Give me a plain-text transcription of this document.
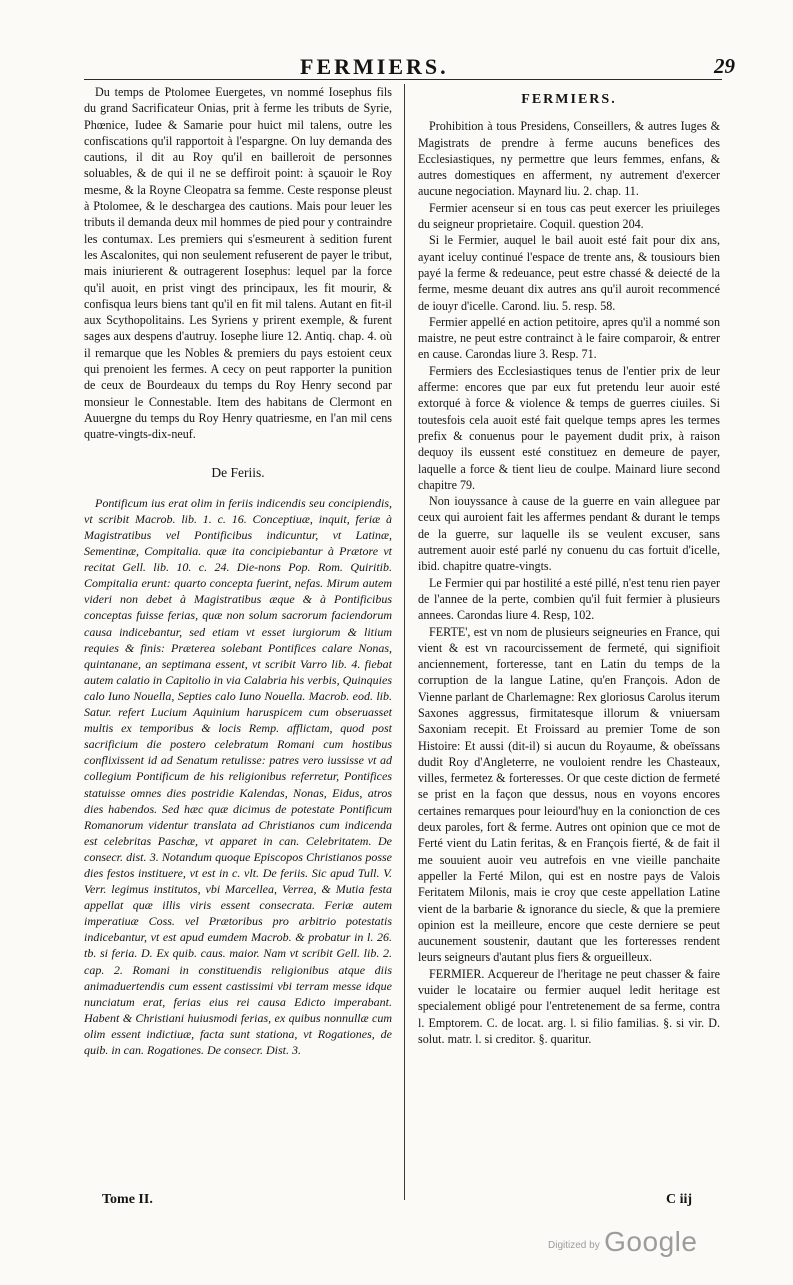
FERMIERS.	29

Du temps de Ptolomee Euergetes, vn nommé Iosephus fils du grand Sacrificateur Onias, prit à ferme les tributs de Syrie, Phœnice, Iudee & Samarie pour huict mil talens, outre les confiscations qu'il rapportoit à l'espargne. On luy demanda des cautions, il dit au Roy qu'il en bailleroit de personnes soluables, & de qui il ne se deffiroit point: à sçauoir le Roy mesme, & la Royne Cleopatra sa femme. Ceste response pleust à Ptolomee, & le deschargea des cautions. Mais pour leuer les tributs il demanda deux mil hommes de pied pour y contraindre les contumax. Les premiers qui s'esmeurent à sedition furent les Ascalonites, qui non seulement refuserent de payer le tribut, mais iniurierent & outragerent Iosephus: lequel par la force qu'il auoit, en prist vingt des principaux, les fit mourir, & confisqua leurs biens tant qu'il en fit mil talens. Autant en fit-il aux Scythopolitains. Les Syriens y prirent exemple, & furent sages aux despens d'autruy. Iosephe liure 12. Antiq. chap. 4. où il remarque que les Nobles & premiers du pays estoient ceux qui prenoient les fermes. A cecy on peut rapporter la punition de ceux de Bourdeaux du temps du Roy Henry second par monsieur le Connestable. Item des habitans de Clermont en Auuergne du temps du Roy Henry quatriesme, en l'an mil cens quatre-vingts-dix-neuf.

De Feriis.

Pontificum ius erat olim in feriis indicendis seu concipiendis, vt scribit Macrob. lib. 1. c. 16. Conceptiuæ, inquit, feriæ à Magistratibus vel Pontificibus indicuntur, vt Latinæ, Sementinæ, Compitalia. quæ ita concipiebantur à Prætore vt recitat Gell. lib. 10. c. 24. Die-nons Pop. Rom. Quiritib. Compitalia erunt: quarto concepta fuerint, nefas. Mirum autem videri non debet à Magistratibus æque & à Pontificibus conceptas fuisse ferias, quæ non solum sacrorum faciendorum causa indicebantur, sed etiam vt esset iurgiorum & litium requies & finis: Præterea solebant Pontifices calare Nonas, quintanane, an septimana essent, vt scribit Varro lib. 4. fiebat autem calatio in Capitolio in via Calabria his verbis, Quinquies calo Iuno Nouella, Septies calo Iuno Nouella. Macrob. eod. lib. Satur. refert Lucium Aquinium haruspicem cum obseruasset multis ex temporibus & locis Remp. afflictam, quod post sacrificium die postero celebratum Romani cum hostibus conflixissent id ad Senatum retulisse: patres vero iussisse vt ad collegium Pontificum de his religionibus referretur, Pontifices statuisse omnes dies postridie Kalendas, Nonas, Eidus, atros dies habendos. Sed hæc quæ dicimus de potestate Pontificum Romanorum videntur translata ad Christianos cum indicenda est celebritas Paschæ, vt apparet in can. Celebritatem. De consecr. dist. 3. Notandum quoque Episcopos Christianos posse dies festos instituere, vt est in c. vlt. De feriis. Sic apud Tull. V. Verr. legimus institutos, vbi Marcellea, Verrea, & Mutia festa appellat quæ illis viris essent consecrata. Feriæ autem imperatiuæ Coss. vel Prætoribus pro arbitrio potestatis indicebantur, vt est apud eumdem Macrob. & probatur in l. 26. tb. si feria. D. Ex quib. caus. maior. Nam vt scribit Gell. lib. 2. cap. 2. Romani in constituendis religionibus atque diis animaduertendis cum essent castissimi vbi terram messe idque nunciatum erat, ferias eius rei causa Edicto imperabant. Habent & Christiani huiusmodi ferias, ex quibus nonnullæ cum olim essent indictiuæ, facta sunt stationa, vt Rogationes, de quib. in can. Rogationes. De consecr. Dist. 3.

FERMIERS.

Prohibition à tous Presidens, Conseillers, & autres Iuges & Magistrats de prendre à ferme aucuns benefices des Ecclesiastiques, ny permettre que leurs femmes, enfans, & autres domestiques en afferment, ny autrement d'exercer aucune negociation. Maynard liu. 2. chap. 11.

Fermier acenseur si en tous cas peut exercer les priuileges du seigneur proprietaire. Coquil. question 204.

Si le Fermier, auquel le bail auoit esté fait pour dix ans, ayant iceluy continué l'espace de trente ans, & tousiours bien payé la ferme & redeuance, peut estre chassé & deiecté de la ferme, mesme deuant dix autres ans qu'il auroit recommencé de iouyr d'icelle. Carond. liu. 5. resp. 58.

Fermier appellé en action petitoire, apres qu'il a nommé son maistre, ne peut estre contrainct à le faire comparoir, & entrer en cause. Carondas liure 3. Resp. 71.

Fermiers des Ecclesiastiques tenus de l'entier prix de leur afferme: encores que par eux fut pretendu leur auoir esté extorqué à force & violence & temps de guerres ciuiles. Si toutesfois cela auoit esté fait quelque temps apres les termes prefix & conuenus pour le payement dudit prix, à raison dequoy ils eussent esté constituez en demeure de payer, laquelle a force & tient lieu de coulpe. Mainard liure second chapitre 79.

Non iouyssance à cause de la guerre en vain alleguee par ceux qui auroient fait les affermes pendant & durant le temps de la guerre, sur laquelle ils se veulent excuser, sans autrement auoir esté parlé ny conuenu du cas fortuit d'icelle, ibid. chapitre quatre-vingts.

Le Fermier qui par hostilité a esté pillé, n'est tenu rien payer de l'annee de la perte, combien qu'il fuit fermier à plusieurs annees. Carondas liure 4. Resp, 102.

FERTE', est vn nom de plusieurs seigneuries en France, qui vient & est vn racourcissement de fermeté, qui signifioit anciennement, forteresse, tant en Latin du temps de la corruption de la langue Latine, qu'en François. Adon de Vienne parlant de Charlemagne: Rex gloriosus Carolus iterum Saxones aggressus, firmitatesque illorum & vniuersam Saxoniam recepit. Et Froissard au premier Tome de son Histoire: Et aussi (dit-il) si aucun du Royaume, & obeïssans dudit Roy d'Angleterre, ne vouloient rendre les Chasteaux, villes, fermetez & forteresses. Or que ceste diction de fermeté se prist en la façon que dessus, nous en voyons encores certaines remarques pour leiourd'huy en la conionction de ces deux paroles, fort & ferme. Autres ont opinion que ce mot de Ferté vient du Latin feritas, & en François fierté, & de fait il me souuient auoir veu autrefois en vne vieille panchaite appeller la Ferté Milon, qui est en nostre pays de Valois Feritatem Milonis, mais ie croy que ceste appellation Latine vient de la barbarie & ignorance du siecle, & que la premiere opinion est la meilleure, encore que ceste derniere se peut aucunement soustenir, dautant que les forteresses rendent leurs seigneurs d'autant plus fiers & orgueilleux.

FERMIER. Acquereur de l'heritage ne peut chasser & faire vuider le locataire ou fermier auquel ledit heritage est specialement obligé pour l'entretenement de sa ferme, contra l. Emptorem. C. de locat. arg. l. si filio familias. §. si vir. D. solut. matr. l. si creditor. §. quaritur.

Tome II.	C iij
Digitized by Google
